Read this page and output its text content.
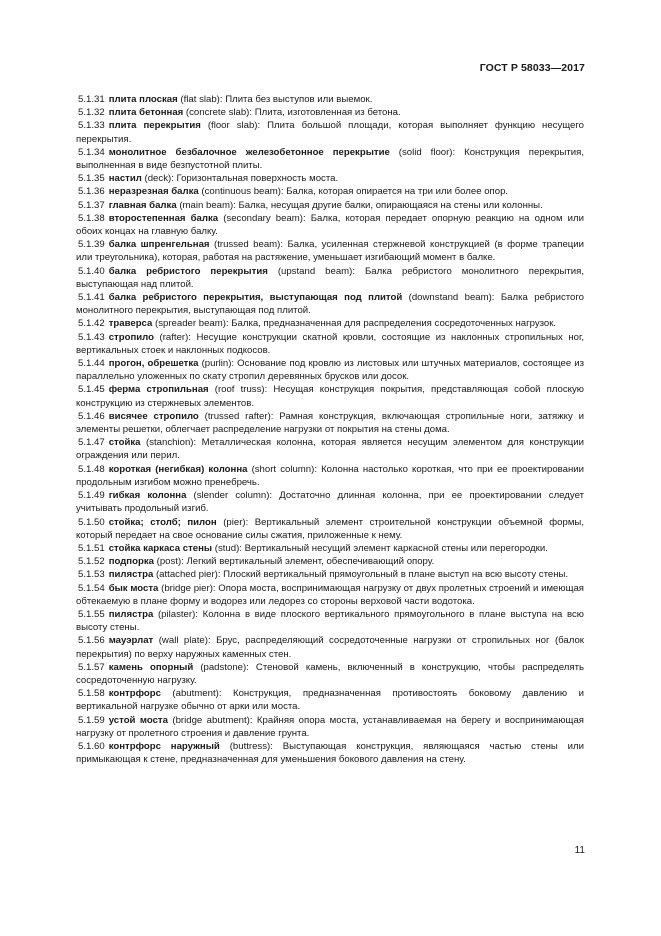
ГОСТ Р 58033—2017

5.1.31 плита плоская (flat slab): Плита без выступов или выемок.

5.1.32 плита бетонная (concrete slab): Плита, изготовленная из бетона.

5.1.33 плита перекрытия (floor slab): Плита большой площади, которая выполняет функцию несущего перекрытия.

5.1.34 монолитное безбалочное железобетонное перекрытие (solid floor): Конструкция перекрытия, выполненная в виде безпустотной плиты.

5.1.35 настил (deck): Горизонтальная поверхность моста.

5.1.36 неразрезная балка (continuous beam): Балка, которая опирается на три или более опор.

5.1.37 главная балка (main beam): Балка, несущая другие балки, опирающаяся на стены или колонны.

5.1.38 второстепенная балка (secondary beam): Балка, которая передает опорную реакцию на одном или обоих концах на главную балку.

5.1.39 балка шпренгельная (trussed beam): Балка, усиленная стержневой конструкцией (в форме трапеции или треугольника), которая, работая на растяжение, уменьшает изгибающий момент в балке.

5.1.40 балка ребристого перекрытия (upstand beam): Балка ребристого монолитного перекрытия, выступающая над плитой.

5.1.41 балка ребристого перекрытия, выступающая под плитой (downstand beam): Балка ребристого монолитного перекрытия, выступающая под плитой.

5.1.42 траверса (spreader beam): Балка, предназначенная для распределения сосредоточенных нагрузок.

5.1.43 стропило (rafter): Несущие конструкции скатной кровли, состоящие из наклонных стропильных ног, вертикальных стоек и наклонных подкосов.

5.1.44 прогон, обрешетка (purlin): Основание под кровлю из листовых или штучных материалов, состоящее из параллельно уложенных по скату стропил деревянных брусков или досок.

5.1.45 ферма стропильная (roof truss): Несущая конструкция покрытия, представляющая собой плоскую конструкцию из стержневых элементов.

5.1.46 висячее стропило (trussed rafter): Рамная конструкция, включающая стропильные ноги, затяжку и элементы решетки, облегчает распределение нагрузки от покрытия на стены дома.

5.1.47 стойка (stanchion): Металлическая колонна, которая является несущим элементом для конструкции ограждения или перил.

5.1.48 короткая (негибкая) колонна (short column): Колонна настолько короткая, что при ее проектировании продольным изгибом можно пренебречь.

5.1.49 гибкая колонна (slender column): Достаточно длинная колонна, при ее проектировании следует учитывать продольный изгиб.

5.1.50 стойка; столб; пилон (pier): Вертикальный элемент строительной конструкции объемной формы, который передает на свое основание силы сжатия, приложенные к нему.

5.1.51 стойка каркаса стены (stud): Вертикальный несущий элемент каркасной стены или перегородки.

5.1.52 подпорка (post): Легкий вертикальный элемент, обеспечивающий опору.

5.1.53 пилястра (attached pier): Плоский вертикальный прямоугольный в плане выступ на всю высоту стены.

5.1.54 бык моста (bridge pier): Опора моста, воспринимающая нагрузку от двух пролетных строений и имеющая обтекаемую в плане форму и водорез или ледорез со стороны верховой части водотока.

5.1.55 пилястра (pilaster): Колонна в виде плоского вертикального прямоугольного в плане выступа на всю высоту стены.

5.1.56 мауэрлат (wall plate): Брус, распределяющий сосредоточенные нагрузки от стропильных ног (балок перекрытия) по верху наружных каменных стен.

5.1.57 камень опорный (padstone): Стеновой камень, включенный в конструкцию, чтобы распределять сосредоточенную нагрузку.

5.1.58 контрфорс (abutment): Конструкция, предназначенная противостоять боковому давлению и вертикальной нагрузке обычно от арки или моста.

5.1.59 устой моста (bridge abutment): Крайняя опора моста, устанавливаемая на берегу и воспринимающая нагрузку от пролетного строения и давление грунта.

5.1.60 контрфорс наружный (buttress): Выступающая конструкция, являющаяся частью стены или примыкающая к стене, предназначенная для уменьшения бокового давления на стену.

11
